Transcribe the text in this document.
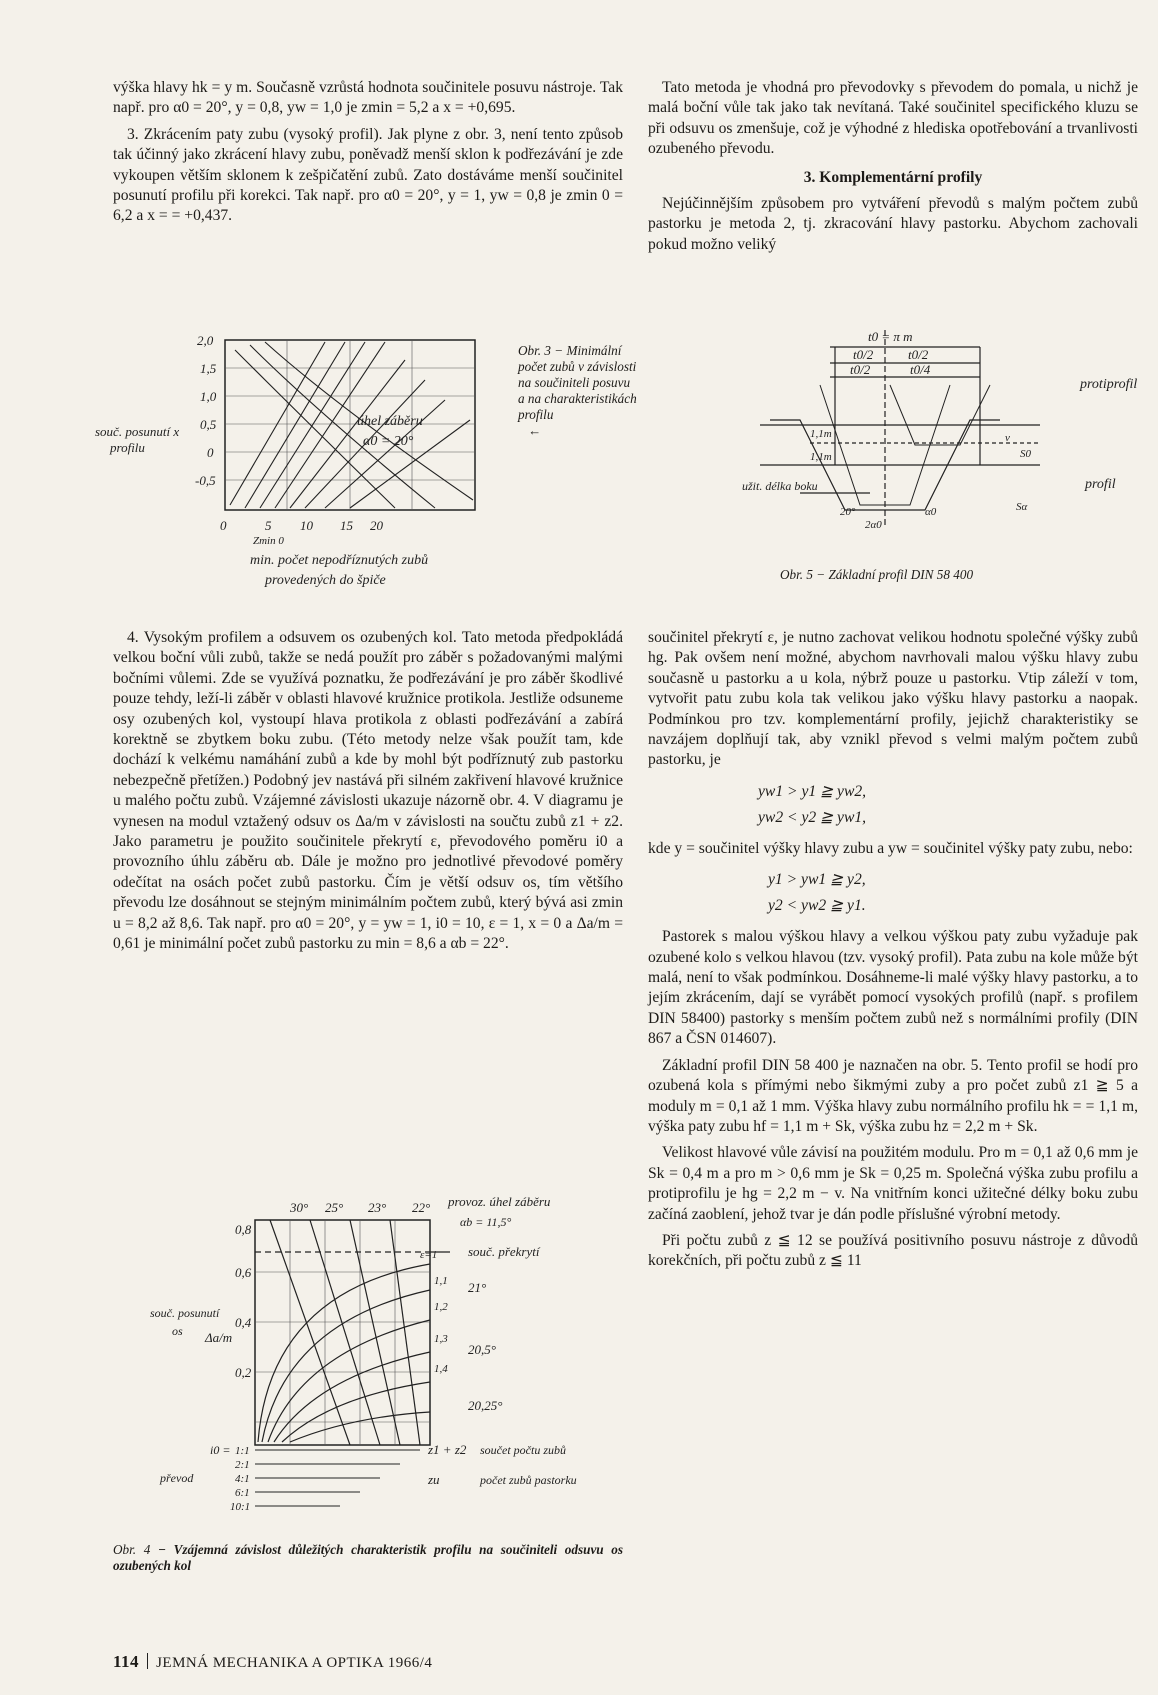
výška hlavy hk = y m. Současně vzrůstá hodnota součinitele posuvu nástroje. Tak např. pro α0 = 20°, y = 0,8, yw = 1,0 je zmin = 5,2 a x = +0,695.

3. Zkrácením paty zubu (vysoký profil). Jak plyne z obr. 3, není tento způsob tak účinný jako zkrácení hlavy zubu, poněvadž menší sklon k podřezávání je zde vykoupen větším sklonem k zešpičatění zubů. Zato dostáváme menší součinitel posunutí profilu při korekci. Tak např. pro α0 = 20°, y = 1, yw = 0,8 je zmin 0 = 6,2 a x = = +0,437.

4. Vysokým profilem a odsuvem os ozubených kol. Tato metoda předpokládá velkou boční vůli zubů, takže se nedá použít pro záběr s požadovanými malými bočními vůlemi. Zde se využívá poznatku, že podřezávání je pro záběr škodlivé pouze tehdy, leží-li záběr v oblasti hlavové kružnice protikola. Jestliže odsuneme osy ozubených kol, vystoupí hlava protikola z oblasti podřezávání a zabírá korektně se zbytkem boku zubu. (Této metody nelze však použít tam, kde dochází k velkému namáhání zubů a kde by mohl být podříznutý zub pastorku nebezpečně přetížen.) Podobný jev nastává při silném zakřivení hlavové kružnice u malého počtu zubů. Vzájemné závislosti ukazuje názorně obr. 4. V diagramu je vynesen na modul vztažený odsuv os Δa/m v závislosti na součtu zubů z1 + z2. Jako parametru je použito součinitele překrytí ε, převodového poměru i0 a provozního úhlu záběru αb. Dále je možno pro jednotlivé převodové poměry odečítat na osách počet zubů pastorku. Čím je větší odsuv os, tím většího převodu lze dosáhnout se stejným minimálním počtem zubů, který bývá asi zmin u = 8,2 až 8,6. Tak např. pro α0 = 20°, y = yw = 1, i0 = 10, ε = 1, x = 0 a Δa/m = 0,61 je minimální počet zubů pastorku zu min = 8,6 a αb = 22°.

Tato metoda je vhodná pro převodovky s převodem do pomala, u nichž je malá boční vůle tak jako tak nevítaná. Také součinitel specifického kluzu se při odsuvu os zmenšuje, což je výhodné z hlediska opotřebování a trvanlivosti ozubeného převodu.

3. Komplementární profily

Nejúčinnějším způsobem pro vytváření převodů s malým počtem zubů pastorku je metoda 2, tj. zkracování hlavy pastorku. Abychom zachovali pokud možno veliký

součinitel překrytí ε, je nutno zachovat velikou hodnotu společné výšky zubů hg. Pak ovšem není možné, abychom navrhovali malou výšku hlavy zubu současně u pastorku a u kola, nýbrž pouze u pastorku. Vtip záleží v tom, vytvořit patu zubu kola tak velikou jako výšku hlavy pastorku a naopak. Podmínkou pro tzv. komplementární profily, jejichž charakteristiky se navzájem doplňují tak, aby vznikl převod s velmi malým počtem zubů pastorku, je

yw1 > y1 ≧ yw2,
yw2 < y2 ≧ yw1,

kde y = součinitel výšky hlavy zubu a yw = součinitel výšky paty zubu, nebo:

y1 > yw1 ≧ y2,
y2 < yw2 ≧ y1.

Pastorek s malou výškou hlavy a velkou výškou paty zubu vyžaduje pak ozubené kolo s velkou hlavou (tzv. vysoký profil). Pata zubu na kole může být malá, není to však podmínkou. Dosáhneme-li malé výšky hlavy pastorku, a to jejím zkrácením, dají se vyrábět pomocí vysokých profilů (např. s profilem DIN 58400) pastorky s menším počtem zubů než s normálními profily (DIN 867 a ČSN 014607).

Základní profil DIN 58 400 je naznačen na obr. 5. Tento profil se hodí pro ozubená kola s přímými nebo šikmými zuby a pro počet zubů z1 ≧ 5 a moduly m = 0,1 až 1 mm. Výška hlavy zubu normálního profilu hk = = 1,1 m, výška paty zubu hf = 1,1 m + Sk, výška zubu hz = 2,2 m + Sk.

Velikost hlavové vůle závisí na použitém modulu. Pro m = 0,1 až 0,6 mm je Sk = 0,4 m a pro m > 0,6 mm je Sk = 0,25 m. Společná výška zubu profilu a protiprofilu je hg = 2,2 m − v. Na vnitřním konci užitečné délky boku zubu začíná zaoblení, jehož tvar je dán podle příslušné výrobní metody.

Při počtu zubů z ≦ 12 se používá positivního posuvu nástroje z důvodů korekčních, při počtu zubů z ≦ 11

2,0
1,5
1,0
0,5
0
-0,5
0	5 10 15 20
Zmin 0
souč. posunutí x
profilu
úhel záběru
α0 = 20°
min. počet nepodříznutých zubů
provedených do špiče
Obr. 3 − Minimální počet zubů v závislosti na součiniteli posuvu a na charakteristikách profilu
←
t0 = π m
t0/2	t0/2
t0/2	t0/4
protiprofil
profil
užit. délka boku
1,1m
1,1m
v
S0
2α0
α0
20°	Sα
Obr. 5 − Základní profil DIN 58 400
30° 25° 23° 22° provoz. úhel záběru
αb = 11,5°
0,8
0,6
0,4
0,2
souč. posunutí
os Δa/m
souč. překrytí
ε=1
1,1
1,2
1,3
1,4
21°
20,5°
20,25°
z1 + z2 součet počtu zubů
zu	počet zubů pastorku
i0 =
převod
1:1
2:1
4:1
6:1
10:1
Obr. 4 − Vzájemná závislost důležitých charakteristik profilu na součiniteli odsuvu os ozubených kol
114 JEMNÁ MECHANIKA A OPTIKA 1966/4
